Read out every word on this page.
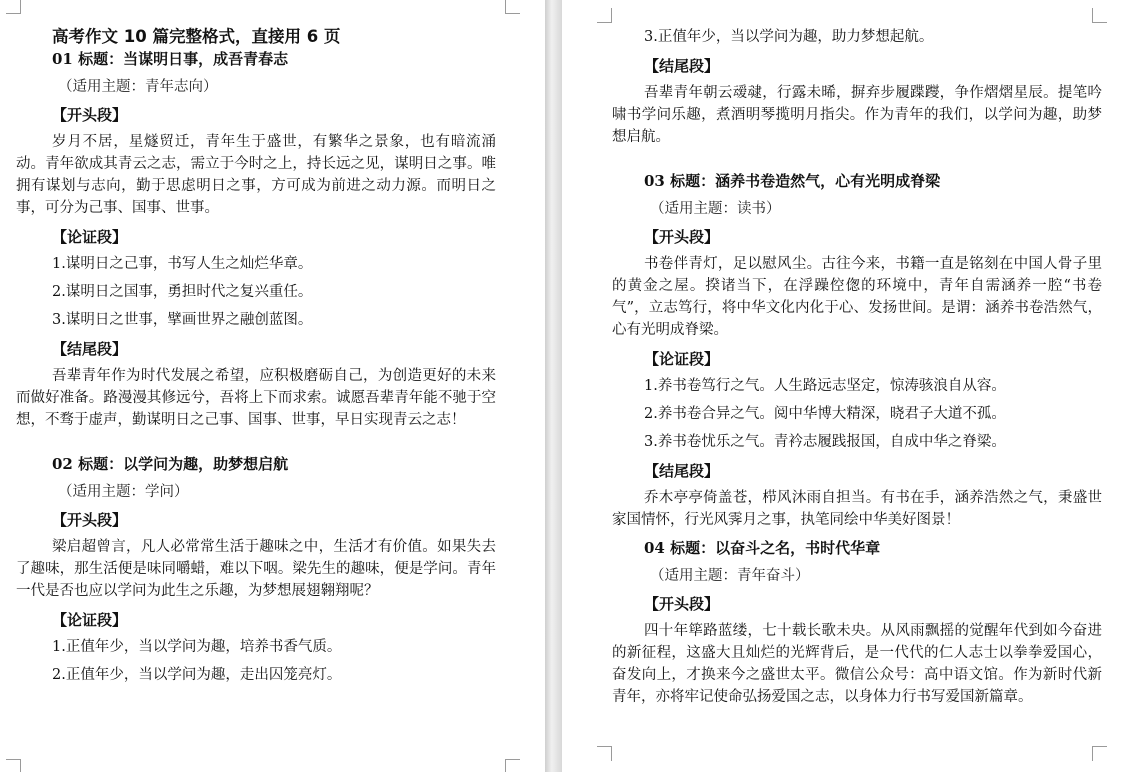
高考作文 10 篇完整格式，直接用 6 页
01 标题：当谋明日事，成吾青春志
（适用主题：青年志向）
【开头段】

岁月不居，星燧贸迁，青年生于盛世，有繁华之景象，也有暗流涌动。青年欲成其青云之志，需立于今时之上，持长远之见，谋明日之事。唯拥有谋划与志向，勤于思虑明日之事，方可成为前进之动力源。而明日之事，可分为己事、国事、世事。

【论证段】
1.谋明日之己事，书写人生之灿烂华章。
2.谋明日之国事，勇担时代之复兴重任。
3.谋明日之世事，擘画世界之融创蓝图。
【结尾段】

吾辈青年作为时代发展之希望，应积极磨砺自己，为创造更好的未来而做好准备。路漫漫其修远兮，吾将上下而求索。诚愿吾辈青年能不驰于空想，不骛于虚声，勤谋明日之己事、国事、世事，早日实现青云之志！

02 标题：以学问为趣，助梦想启航
（适用主题：学问）
【开头段】

梁启超曾言，凡人必常常生活于趣味之中，生活才有价值。如果失去了趣味，那生活便是味同嚼蜡，难以下咽。梁先生的趣味，便是学问。青年一代是否也应以学问为此生之乐趣，为梦想展翅翱翔呢？

【论证段】
1.正值年少，当以学问为趣，培养书香气质。
2.正值年少，当以学问为趣，走出囚笼亮灯。
3.正值年少，当以学问为趣，助力梦想起航。
【结尾段】

吾辈青年朝云叆叇，行露未晞，摒弃步履蹀躞，争作熠熠星辰。提笔吟啸书学问乐趣，煮酒明琴揽明月指尖。作为青年的我们，以学问为趣，助梦想启航。

03 标题：涵养书卷造然气，心有光明成脊梁
（适用主题：读书）
【开头段】

书卷伴青灯，足以慰风尘。古往今来，书籍一直是铭刻在中国人骨子里的黄金之屋。揆诸当下，在浮躁倥偬的环境中，青年自需涵养一腔“书卷气”，立志笃行，将中华文化内化于心、发扬世间。是谓：涵养书卷浩然气，心有光明成脊梁。

【论证段】
1.养书卷笃行之气。人生路远志坚定，惊涛骇浪自从容。
2.养书卷合异之气。阅中华博大精深，晓君子大道不孤。
3.养书卷忧乐之气。青衿志履践报国，自成中华之脊梁。
【结尾段】

乔木亭亭倚盖苍，栉风沐雨自担当。有书在手，涵养浩然之气，秉盛世家国情怀，行光风霁月之事，执笔同绘中华美好图景！

04 标题：以奋斗之名，书时代华章
（适用主题：青年奋斗）
【开头段】

四十年筚路蓝缕，七十载长歌未央。从风雨飘摇的觉醒年代到如今奋进的新征程，这盛大且灿烂的光辉背后，是一代代的仁人志士以拳拳爱国心，奋发向上，才换来今之盛世太平。微信公众号：高中语文馆。作为新时代新青年，亦将牢记使命弘扬爱国之志，以身体力行书写爱国新篇章。
